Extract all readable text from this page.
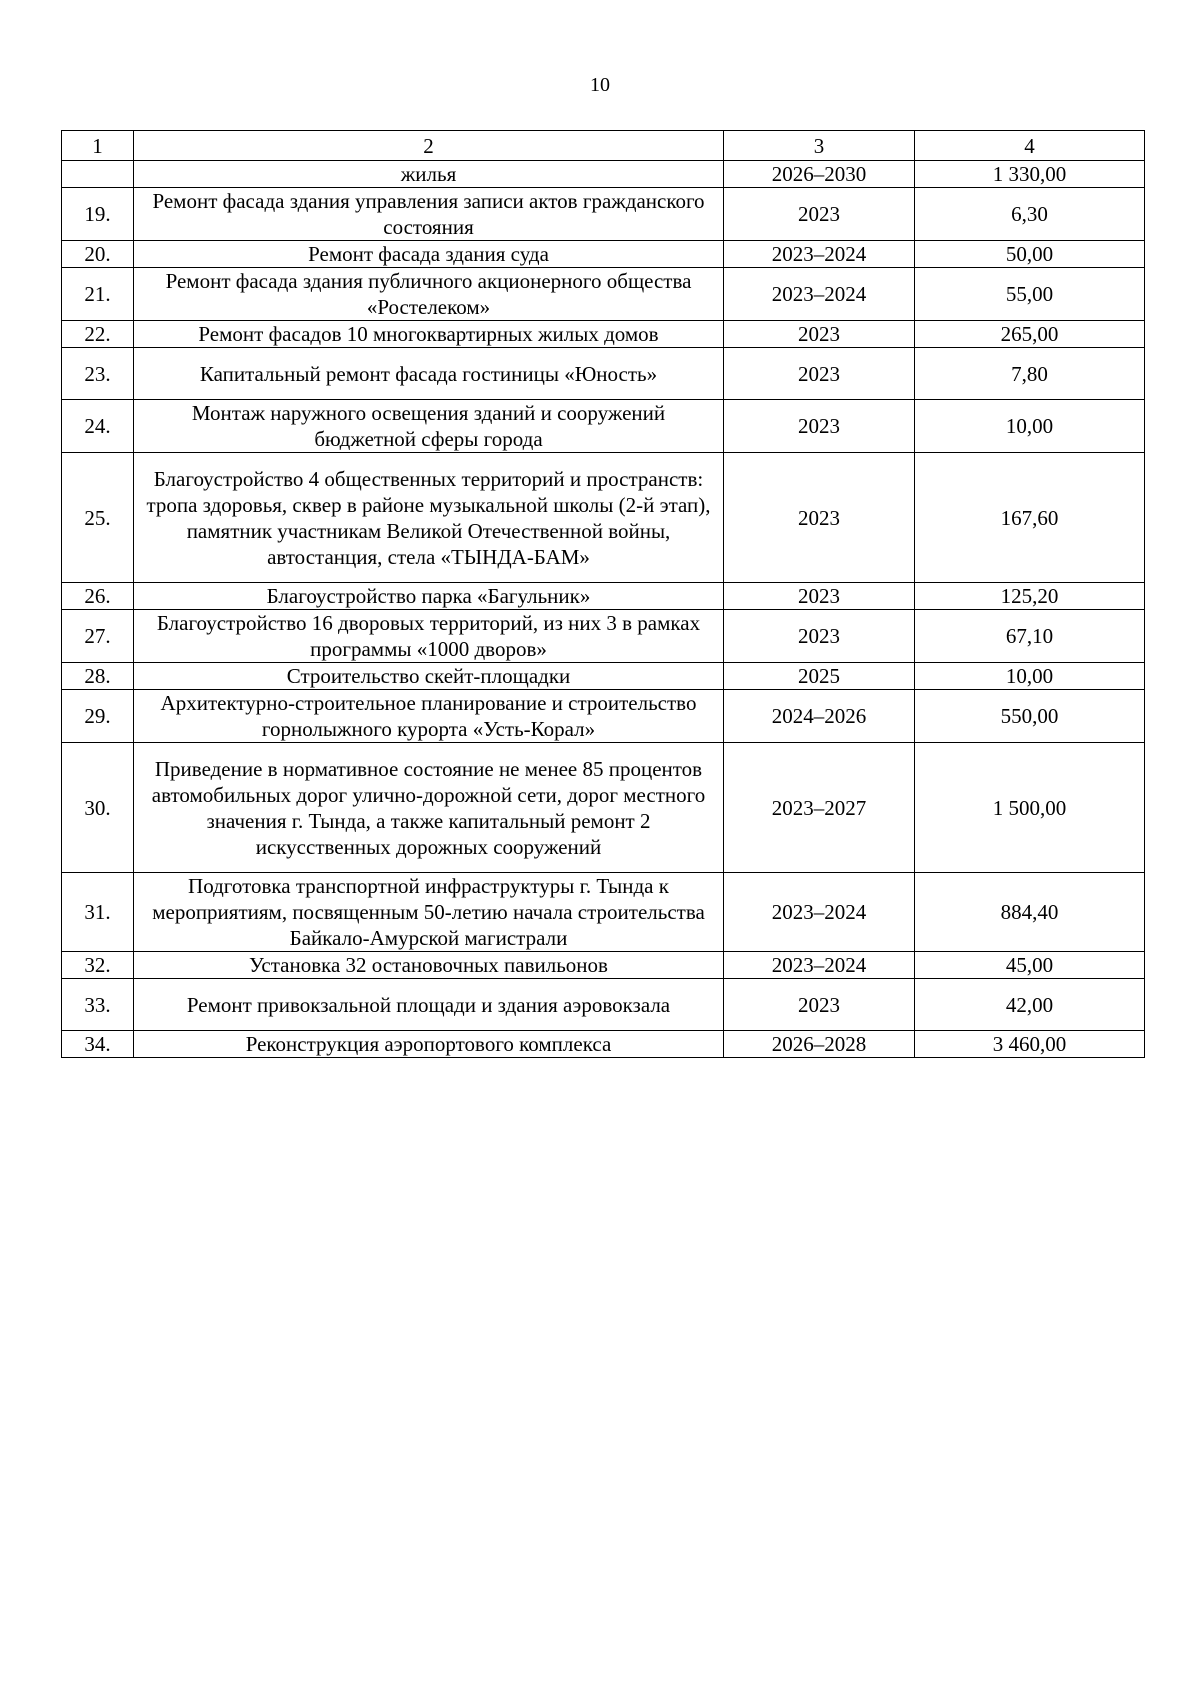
10
1	2	3	4
	жилья	2026–2030	1 330,00
19.	Ремонт фасада здания управления записи актов гражданского состояния	2023	6,30
20.	Ремонт фасада здания суда	2023–2024	50,00
21.	Ремонт фасада здания публичного акционерного общества «Ростелеком»	2023–2024	55,00
22.	Ремонт фасадов 10 многоквартирных жилых домов	2023	265,00
23.	Капитальный ремонт фасада гостиницы «Юность»	2023	7,80
24.	Монтаж наружного освещения зданий и сооружений бюджетной сферы города	2023	10,00
25.	Благоустройство 4 общественных территорий и пространств: тропа здоровья, сквер в районе музыкальной школы (2-й этап), памятник участникам Великой Отечественной войны, автостанция, стела «ТЫНДА-БАМ»	2023	167,60
26.	Благоустройство парка «Багульник»	2023	125,20
27.	Благоустройство 16 дворовых территорий, из них 3 в рамках программы «1000 дворов»	2023	67,10
28.	Строительство скейт-площадки	2025	10,00
29.	Архитектурно-строительное планирование и строительство горнолыжного курорта «Усть-Корал»	2024–2026	550,00
30.	Приведение в нормативное состояние не менее 85 процентов автомобильных дорог улично-дорожной сети, дорог местного значения г. Тында, а также капитальный ремонт 2 искусственных дорожных сооружений	2023–2027	1 500,00
31.	Подготовка транспортной инфраструктуры г. Тында к мероприятиям, посвященным 50-летию начала строительства Байкало-Амурской магистрали	2023–2024	884,40
32.	Установка 32 остановочных павильонов	2023–2024	45,00
33.	Ремонт привокзальной площади и здания аэровокзала	2023	42,00
34.	Реконструкция аэропортового комплекса	2026–2028	3 460,00
